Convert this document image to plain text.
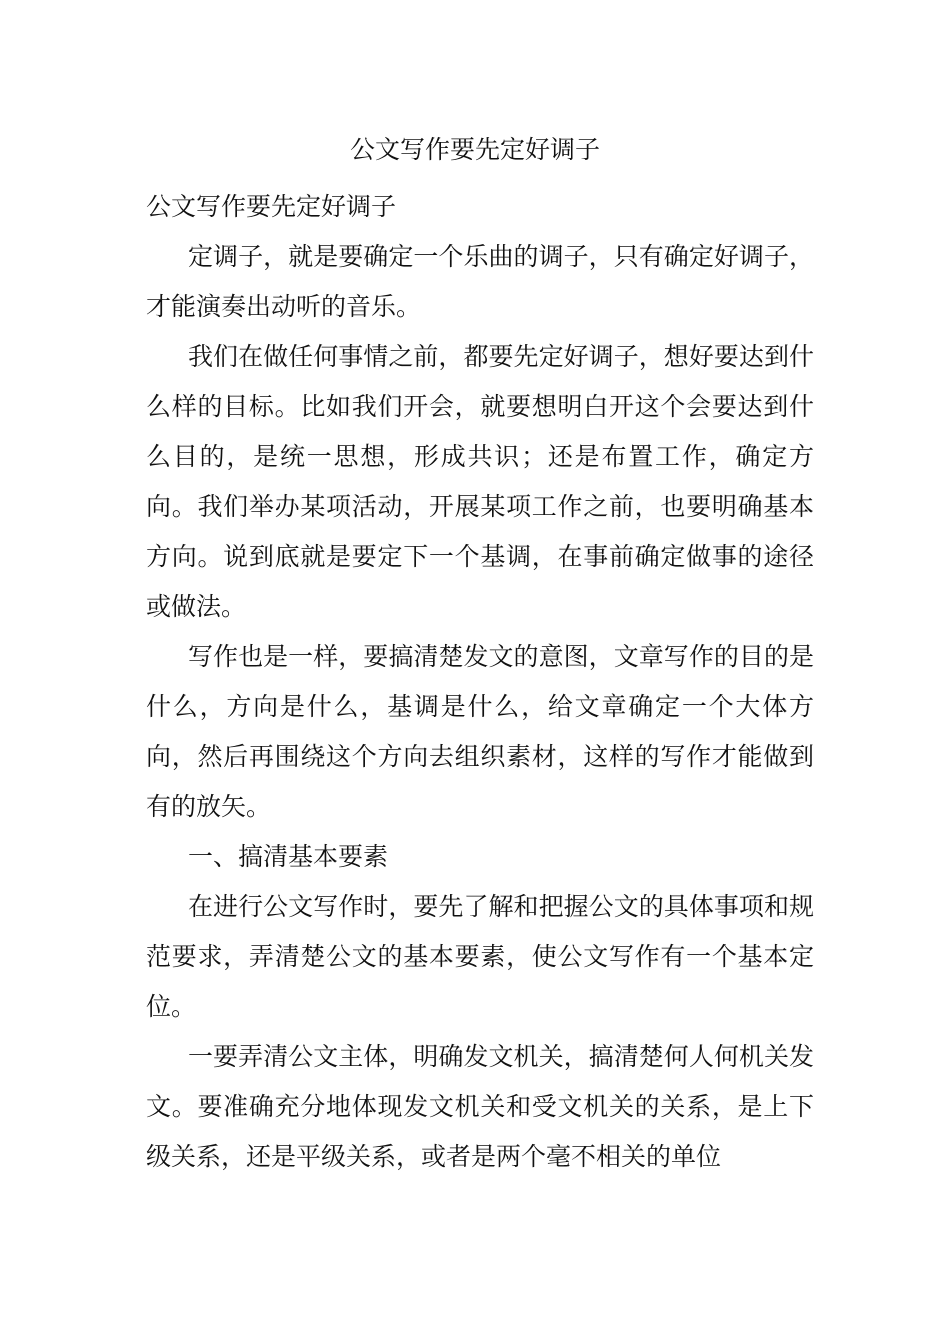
公文写作要先定好调子

公文写作要先定好调子

定调子，就是要确定一个乐曲的调子，只有确定好调子，才能演奏出动听的音乐。

我们在做任何事情之前，都要先定好调子，想好要达到什么样的目标。比如我们开会，就要想明白开这个会要达到什么目的，是统一思想，形成共识；还是布置工作，确定方向。我们举办某项活动，开展某项工作之前，也要明确基本方向。说到底就是要定下一个基调，在事前确定做事的途径或做法。

写作也是一样，要搞清楚发文的意图，文章写作的目的是什么，方向是什么，基调是什么，给文章确定一个大体方向，然后再围绕这个方向去组织素材，这样的写作才能做到有的放矢。

一、搞清基本要素

在进行公文写作时，要先了解和把握公文的具体事项和规范要求，弄清楚公文的基本要素，使公文写作有一个基本定位。

一要弄清公文主体，明确发文机关，搞清楚何人何机关发文。要准确充分地体现发文机关和受文机关的关系，是上下级关系，还是平级关系，或者是两个毫不相关的单位
